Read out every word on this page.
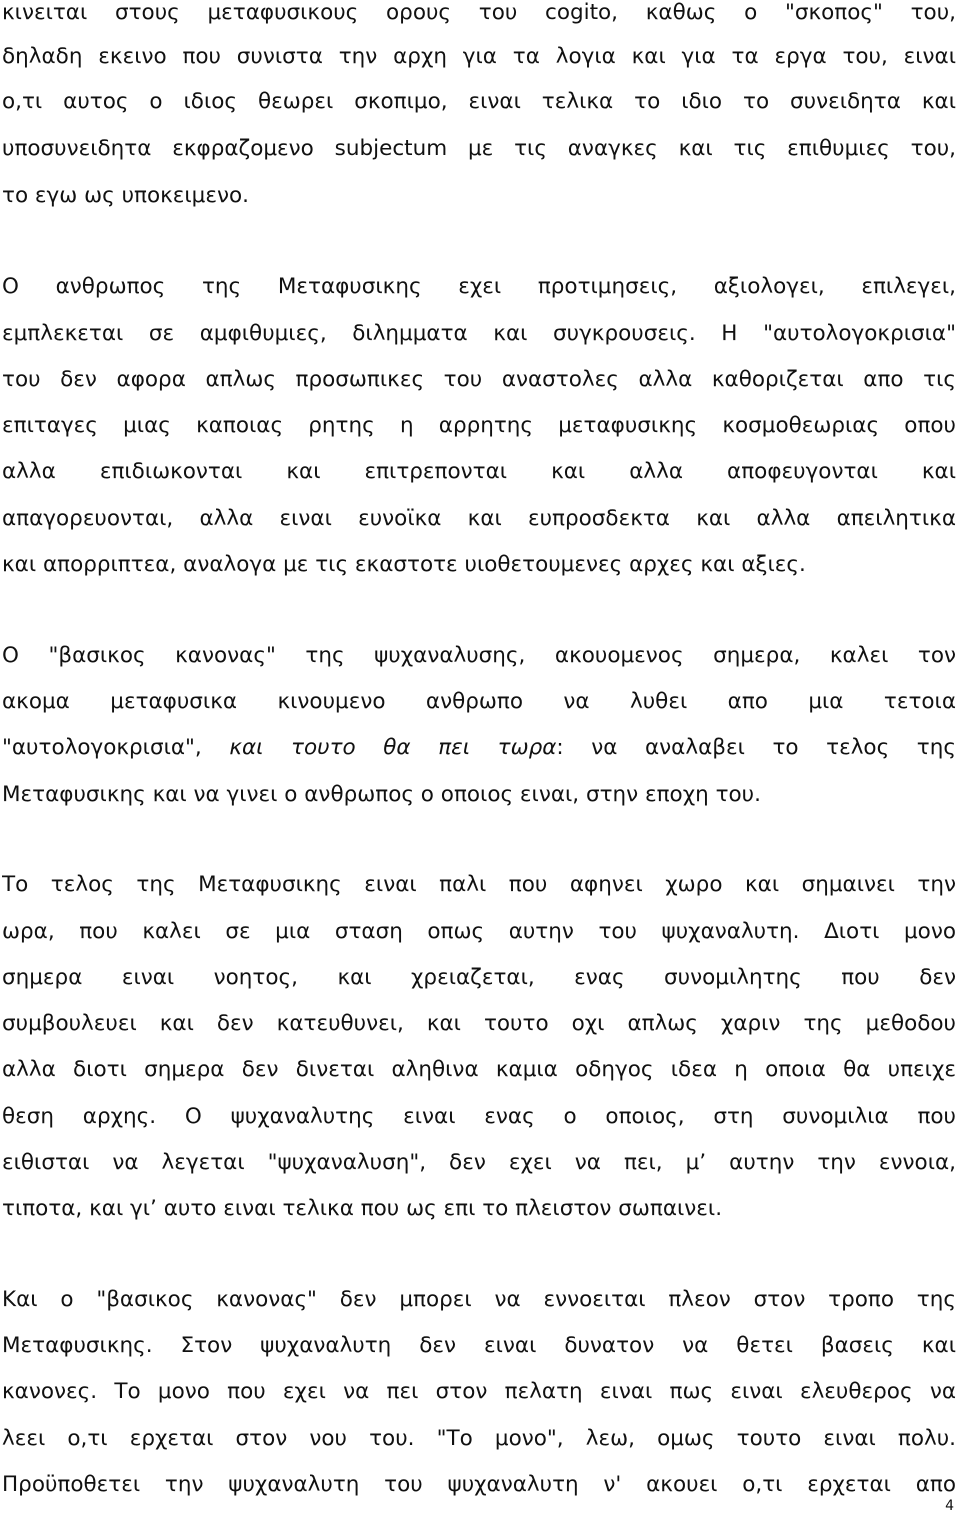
κινειται στους μεταφυσικους ορους του cogito, καθως ο "σκοπος" του,
δηλαδη εκεινο που συνιστα την αρχη για τα λογια και για τα εργα του, ειναι
ο,τι αυτος ο ιδιος θεωρει σκοπιμο, ειναι τελικα το ιδιο το συνειδητα και
υποσυνειδητα εκφραζομενο subjectum με τις αναγκες και τις επιθυμιες του,
το εγω ως υποκειμενο.
Ο ανθρωπος της Μεταφυσικης εχει προτιμησεις, αξιολογει, επιλεγει,
εμπλεκεται σε αμφιθυμιες, διλημματα και συγκρουσεις. Η "αυτολογοκρισια"
του δεν αφορα απλως προσωπικες του αναστολες αλλα καθοριζεται απο τις
επιταγες μιας καποιας ρητης η αρρητης μεταφυσικης κοσμοθεωριας οπου
αλλα επιδιωκονται και επιτρεπονται και αλλα αποφευγονται και
απαγορευονται, αλλα ειναι ευνοϊκα και ευπροσδεκτα και αλλα απειλητικα
και απορριπτεα, αναλογα με τις εκαστοτε υιοθετουμενες αρχες και αξιες.
Ο "βασικος κανονας" της ψυχαναλυσης, ακουομενος σημερα, καλει τον
ακομα μεταφυσικα κινουμενο ανθρωπο να λυθει απο μια τετοια
"αυτολογοκρισια", και τουτο θα πει τωρα: να αναλαβει το τελος της
Μεταφυσικης και να γινει ο ανθρωπος ο οποιος ειναι, στην εποχη του.
Το τελος της Μεταφυσικης ειναι παλι που αφηνει χωρο και σημαινει την
ωρα, που καλει σε μια σταση οπως αυτην του ψυχαναλυτη. Διοτι μονο
σημερα ειναι νοητος, και χρειαζεται, ενας συνομιλητης που δεν
συμβουλευει και δεν κατευθυνει, και τουτο οχι απλως χαριν της μεθοδου
αλλα διοτι σημερα δεν δινεται αληθινα καμια οδηγος ιδεα η οποια θα υπειχε
θεση αρχης. Ο ψυχαναλυτης ειναι ενας ο οποιος, στη συνομιλια που
ειθισται να λεγεται "ψυχαναλυση", δεν εχει να πει, μ’ αυτην την εννοια,
τιποτα, και γι’ αυτο ειναι τελικα που ως επι το πλειστον σωπαινει.
Και ο "βασικος κανονας" δεν μπορει να εννοειται πλεον στον τροπο της
Μεταφυσικης. Στον ψυχαναλυτη δεν ειναι δυνατον να θετει βασεις και
κανονες. Το μονο που εχει να πει στον πελατη ειναι πως ειναι ελευθερος να
λεει ο,τι ερχεται στον νου του. "Το μονο", λεω, ομως τουτο ειναι πολυ.
Προϋποθετει την ψυχαναλυτη του ψυχαναλυτη ν' ακουει ο,τι ερχεται απο
4
